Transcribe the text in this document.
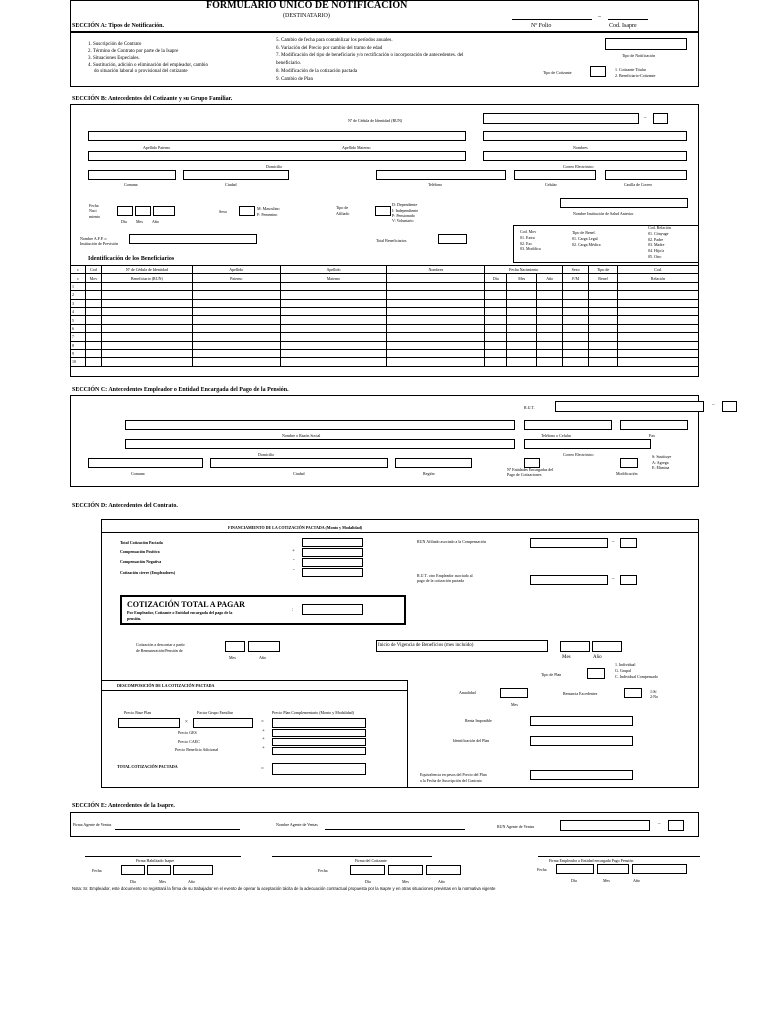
FORMULARIO ÚNICO DE NOTIFICACIÓN
(DESTINATARIO)	–
Nº Folio	Cod. Isapre
SECCIÓN A: Tipos de Notificación.
1. Suscripción de Contrato
2. Término de Contrato por parte de la Isapre
3. Situaciones Especiales.
4. Sustitución, adición o eliminación del empleador, cambio
do situación laboral o provisional del cotizante
5. Cambio de fecha para contabilizar los períodos anuales.
6. Variación del Precio por cambio del tramo de edad
7. Modificación del tipo de beneficiario y/o rectificación o incorporación de antecedentes. del
beneficiario.
8. Modificación de la cotización pactada
9. Cambio de Plan
Tipo de Notificación
Tipo de Cotizante
1. Cotizante Titular
2. Beneficiario-Cotizante
SECCIÓN B: Antecedentes del Cotizante y su Grupo Familiar.
Nº de Cédula de Identidad (RUN)	–
Apellido Paterno	Apellido Materno	Nombres
Domicilio	Correo Electrónico
Comuna	Ciudad	Teléfono	Celular	Casilla de Correo
Fecha
Naci
miento
Día Mes Año
Sexo
M: Masculino
F: Femenino
Tipo de
Afiliado
D: Dependiente
I: Independiente
P: Pensionado
V: Voluntario
Nombre Institución de Salud Anterior
Nombre A.F.P. o
Institución de Previsión
Total Beneficiarios
Cod. Mov
01. Extra
02. Exc
03. Modifica
Tipo de Benef.
01. Carga Legal
02. Carga Médica
Cod. Relación
01. Cónyuge
02. Padre
03. Madre
04. Hijo/a
05. Otro
Identificación de los Beneficiarios
c	Cod	Nº de Cédula de Identidad	Apellido	Apellido	Nombres	Fecha Nacimiento			Sexo	Tipo de	Cod.
c	Mov	Beneficiario (RUN)	Paterno	Materno		Día	Mes	Año	F/M	Benef	Relación
1											
2											
3											
4											
5											
6											
7											
8											
9											
10											
SECCIÓN C: Antecedentes Empleador o Entidad Encargada del Pago de la Pensión.
R.U.T.	–
Nombre o Razón Social	Teléfono o Celular	Fax
Domicilio	Correo Electrónico
Comuna	Ciudad	Región
Nº Entidades Encargadas del
Pago de Cotizaciones	Modificación
S: Sustituye
A: Agrega
E: Elimina
SECCIÓN D: Antecedentes del Contrato.
FINANCIAMIENTO DE LA COTIZACIÓN PACTADA (Monto y Modalidad)
Total Cotización Pactada
Compensación Positiva
Compensación Negativa
Cotización cierre (Empleadores)
+
-
-
RUN Afiliado asociado a la Compensación	–
R.U.T. otro Empleador asociado al
pago de la cotización pactada	–
COTIZACIÓN TOTAL A PAGAR
Por Empleador, Cotizante o Entidad encargada del pago de la
pensión.
:
Cotización a descontar a partir
de Remuneración/Pensión de
Mes	Año
Inicio de Vigencia de Beneficios (mes incluido)
Mes	Año
Tipo de Plan
1. Individual
G. Grupal
C. Individual Compensado
DESCOMPOSICIÓN DE LA COTIZACIÓN PACTADA
Precio Base Plan	Factor Grupo Familiar	Precio Plan Complementario (Monto y Modalidad)
×	=
Precio GES
Precio CAEC
Precio Beneficio Adicional
+
+
+
TOTAL COTIZACIÓN PACTADA
=
Anualidad
Mes
Renuncia Excedentes	1:Sí
2:No
Renta Imponible
Identificación del Plan
Equivalencia en pesos del Precio del Plan
a la Fecha de Suscripción del Contrato
SECCIÓN E: Antecedentes de la Isapre.
Firma Agente de Ventas	Nombre Agente de Ventas	RUN Agente de Ventas	–
Firma Habilitado Isapre	Firma del Cotizante	Firma Empleador o Entidad encargada Pago Pensión
Fecha
Día	Mes	Año
Fecha
Día	Mes	Año
Fecha
Día	Mes	Año
Nota: Sr. Empleador, este documento no registrará la firma de su trabajador en el evento de operar la aceptación tácita de la adecuación contractual propuesta por la Isapre y en otras situaciones previstas en la normativa vigente
